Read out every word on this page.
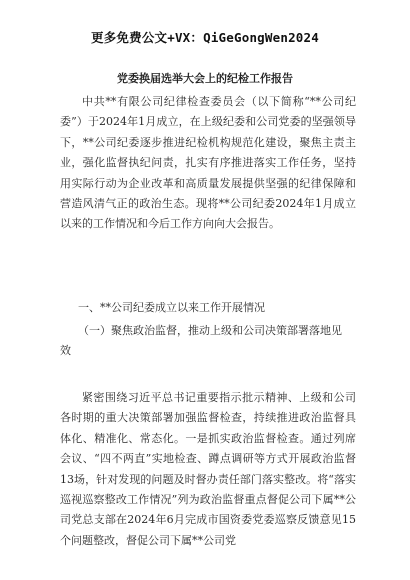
更多免费公文+VX：QiGeGongWen2024
党委换届选举大会上的纪检工作报告
中共**有限公司纪律检查委员会（以下简称“**公司纪委”）于2024年1月成立，在上级纪委和公司党委的坚强领导下，**公司纪委逐步推进纪检机构规范化建设，聚焦主责主业，强化监督执纪问责，扎实有序推进落实工作任务，坚持用实际行动为企业改革和高质量发展提供坚强的纪律保障和营造风清气正的政治生态。现将**公司纪委2024年1月成立以来的工作情况和今后工作方向向大会报告。
一、**公司纪委成立以来工作开展情况
（一）聚焦政治监督，推动上级和公司决策部署落地见
效
紧密围绕习近平总书记重要指示批示精神、上级和公司各时期的重大决策部署加强监督检查，持续推进政治监督具体化、精准化、常态化。一是抓实政治监督检查。通过列席会议、“四不两直”实地检查、蹲点调研等方式开展政治监督13场，针对发现的问题及时督办责任部门落实整改。将“落实巡视巡察整改工作情况”列为政治监督重点督促公司下属**公司党总支部在2024年6月完成市国资委党委巡察反馈意见15个问题整改，督促公司下属**公司党
